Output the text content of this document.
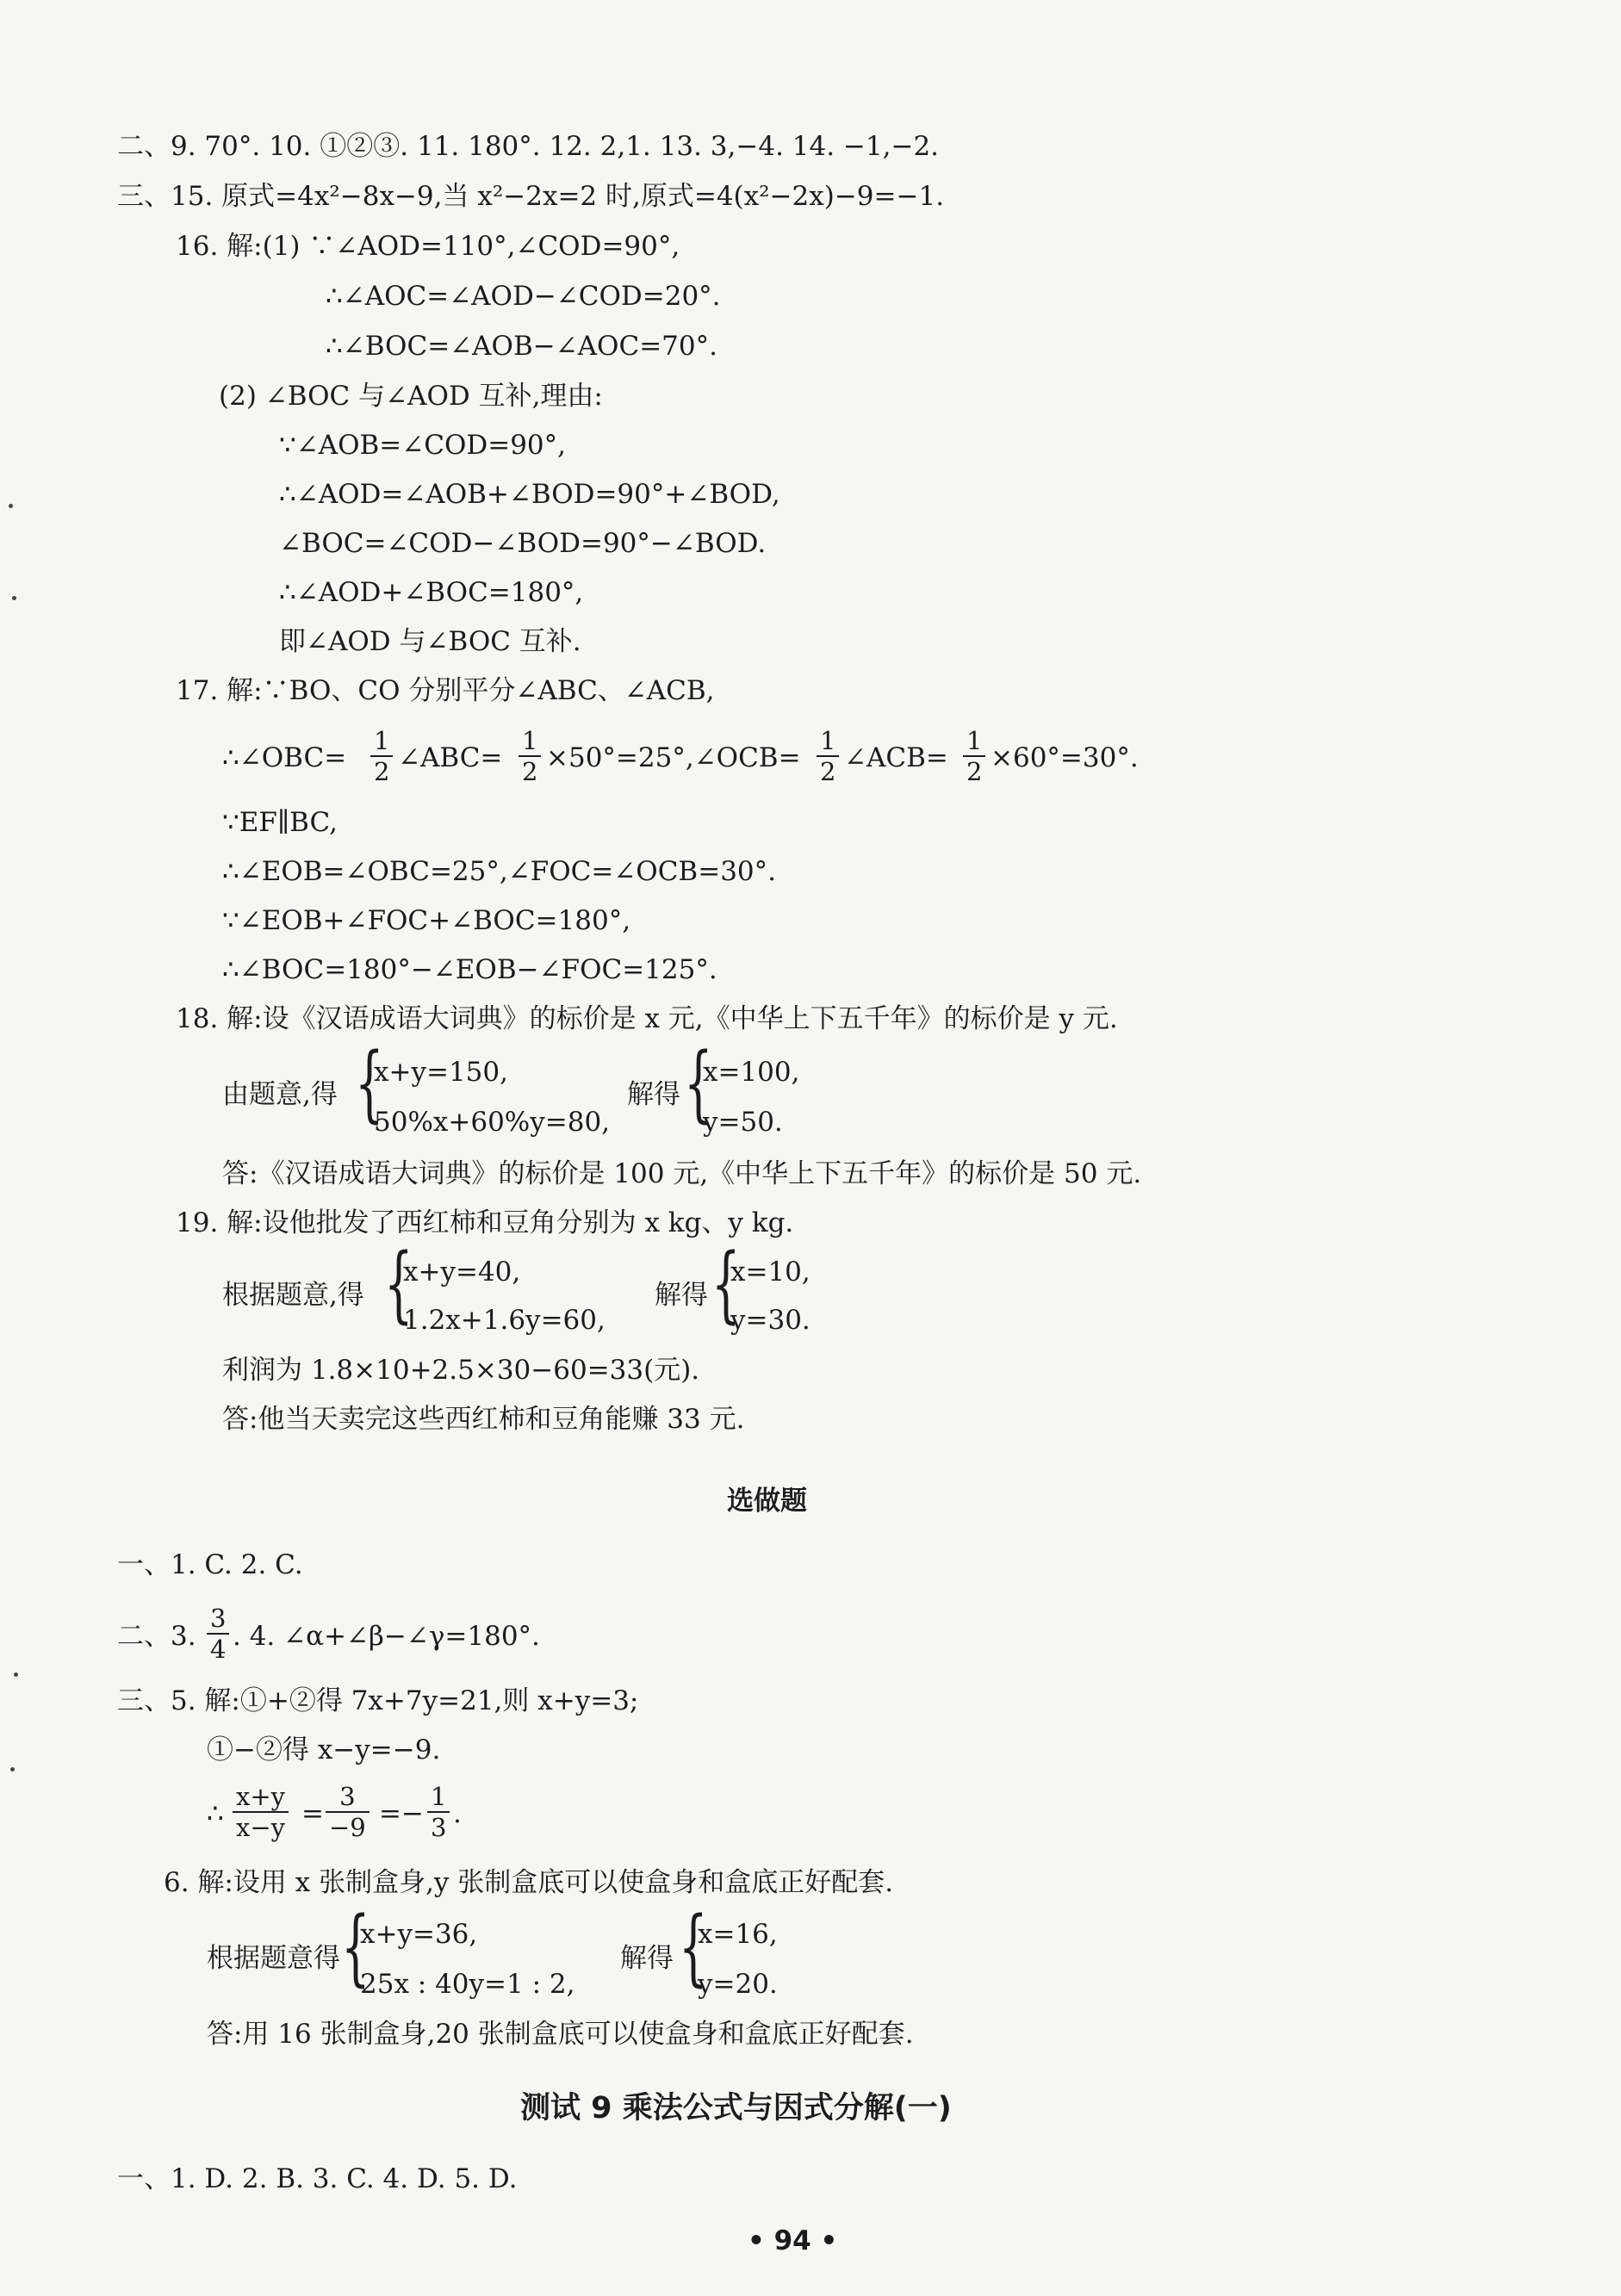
二、9. 70°. 10. ①②③. 11. 180°. 12. 2,1. 13. 3,−4. 14. −1,−2.
三、15. 原式=4x²−8x−9,当 x²−2x=2 时,原式=4(x²−2x)−9=−1.
16. 解:(1) ∵∠AOD=110°,∠COD=90°,
∴∠AOC=∠AOD−∠COD=20°.
∴∠BOC=∠AOB−∠AOC=70°.
(2) ∠BOC 与∠AOD 互补,理由:
∵∠AOB=∠COD=90°,
∴∠AOD=∠AOB+∠BOD=90°+∠BOD,
∠BOC=∠COD−∠BOD=90°−∠BOD.
∴∠AOD+∠BOC=180°,
即∠AOD 与∠BOC 互补.
17. 解:∵BO、CO 分别平分∠ABC、∠ACB,
∴∠OBC= $\frac{1}{2}$ ∠ABC= $\frac{1}{2}$ ×50°=25°,∠OCB= $\frac{1}{2}$ ∠ACB= $\frac{1}{2} \times 60^\circ=30^\circ$.
∵EF∥BC,
∴∠EOB=∠OBC=25°,∠FOC=∠OCB=30°.
∵∠EOB+∠FOC+∠BOC=180°,
∴∠BOC=180°−∠EOB−∠FOC=125°.
18. 解:设《汉语成语大词典》的标价是 x 元,《中华上下五千年》的标价是 y 元.
由题意,得 {
x+y=150,
50%x+60%y=80,
解得 {
x=100,
y=50.
答:《汉语成语大词典》的标价是 100 元,《中华上下五千年》的标价是 50 元.
19. 解:设他批发了西红柿和豆角分别为 x kg、y kg.
根据题意,得 {
x+y=40,
1.2x+1.6y=60,
解得 {
x=10,
y=30.
利润为 1.8×10+2.5×30−60=33(元).
答:他当天卖完这些西红柿和豆角能赚 33 元.
选做题
一、1. C. 2. C.
二、3. $\frac{3}{4}$ . 4. ∠α+∠β−∠γ=180°.
三、5. 解:①+②得 7x+7y=21,则 x+y=3;
①−②得 x−y=−9.
∴ $\frac{x+y}{x-y} = \frac{3}{-9} =- \frac{1}{3}$ .
6. 解:设用 x 张制盒身,y 张制盒底可以使盒身和盒底正好配套.
根据题意得 {
x+y=36,
25x : 40y=1 : 2,
解得 {
x=16,
y=20.
答:用 16 张制盒身,20 张制盒底可以使盒身和盒底正好配套.
测试 9 乘法公式与因式分解(一)
一、1. D. 2. B. 3. C. 4. D. 5. D.
• 94 •
